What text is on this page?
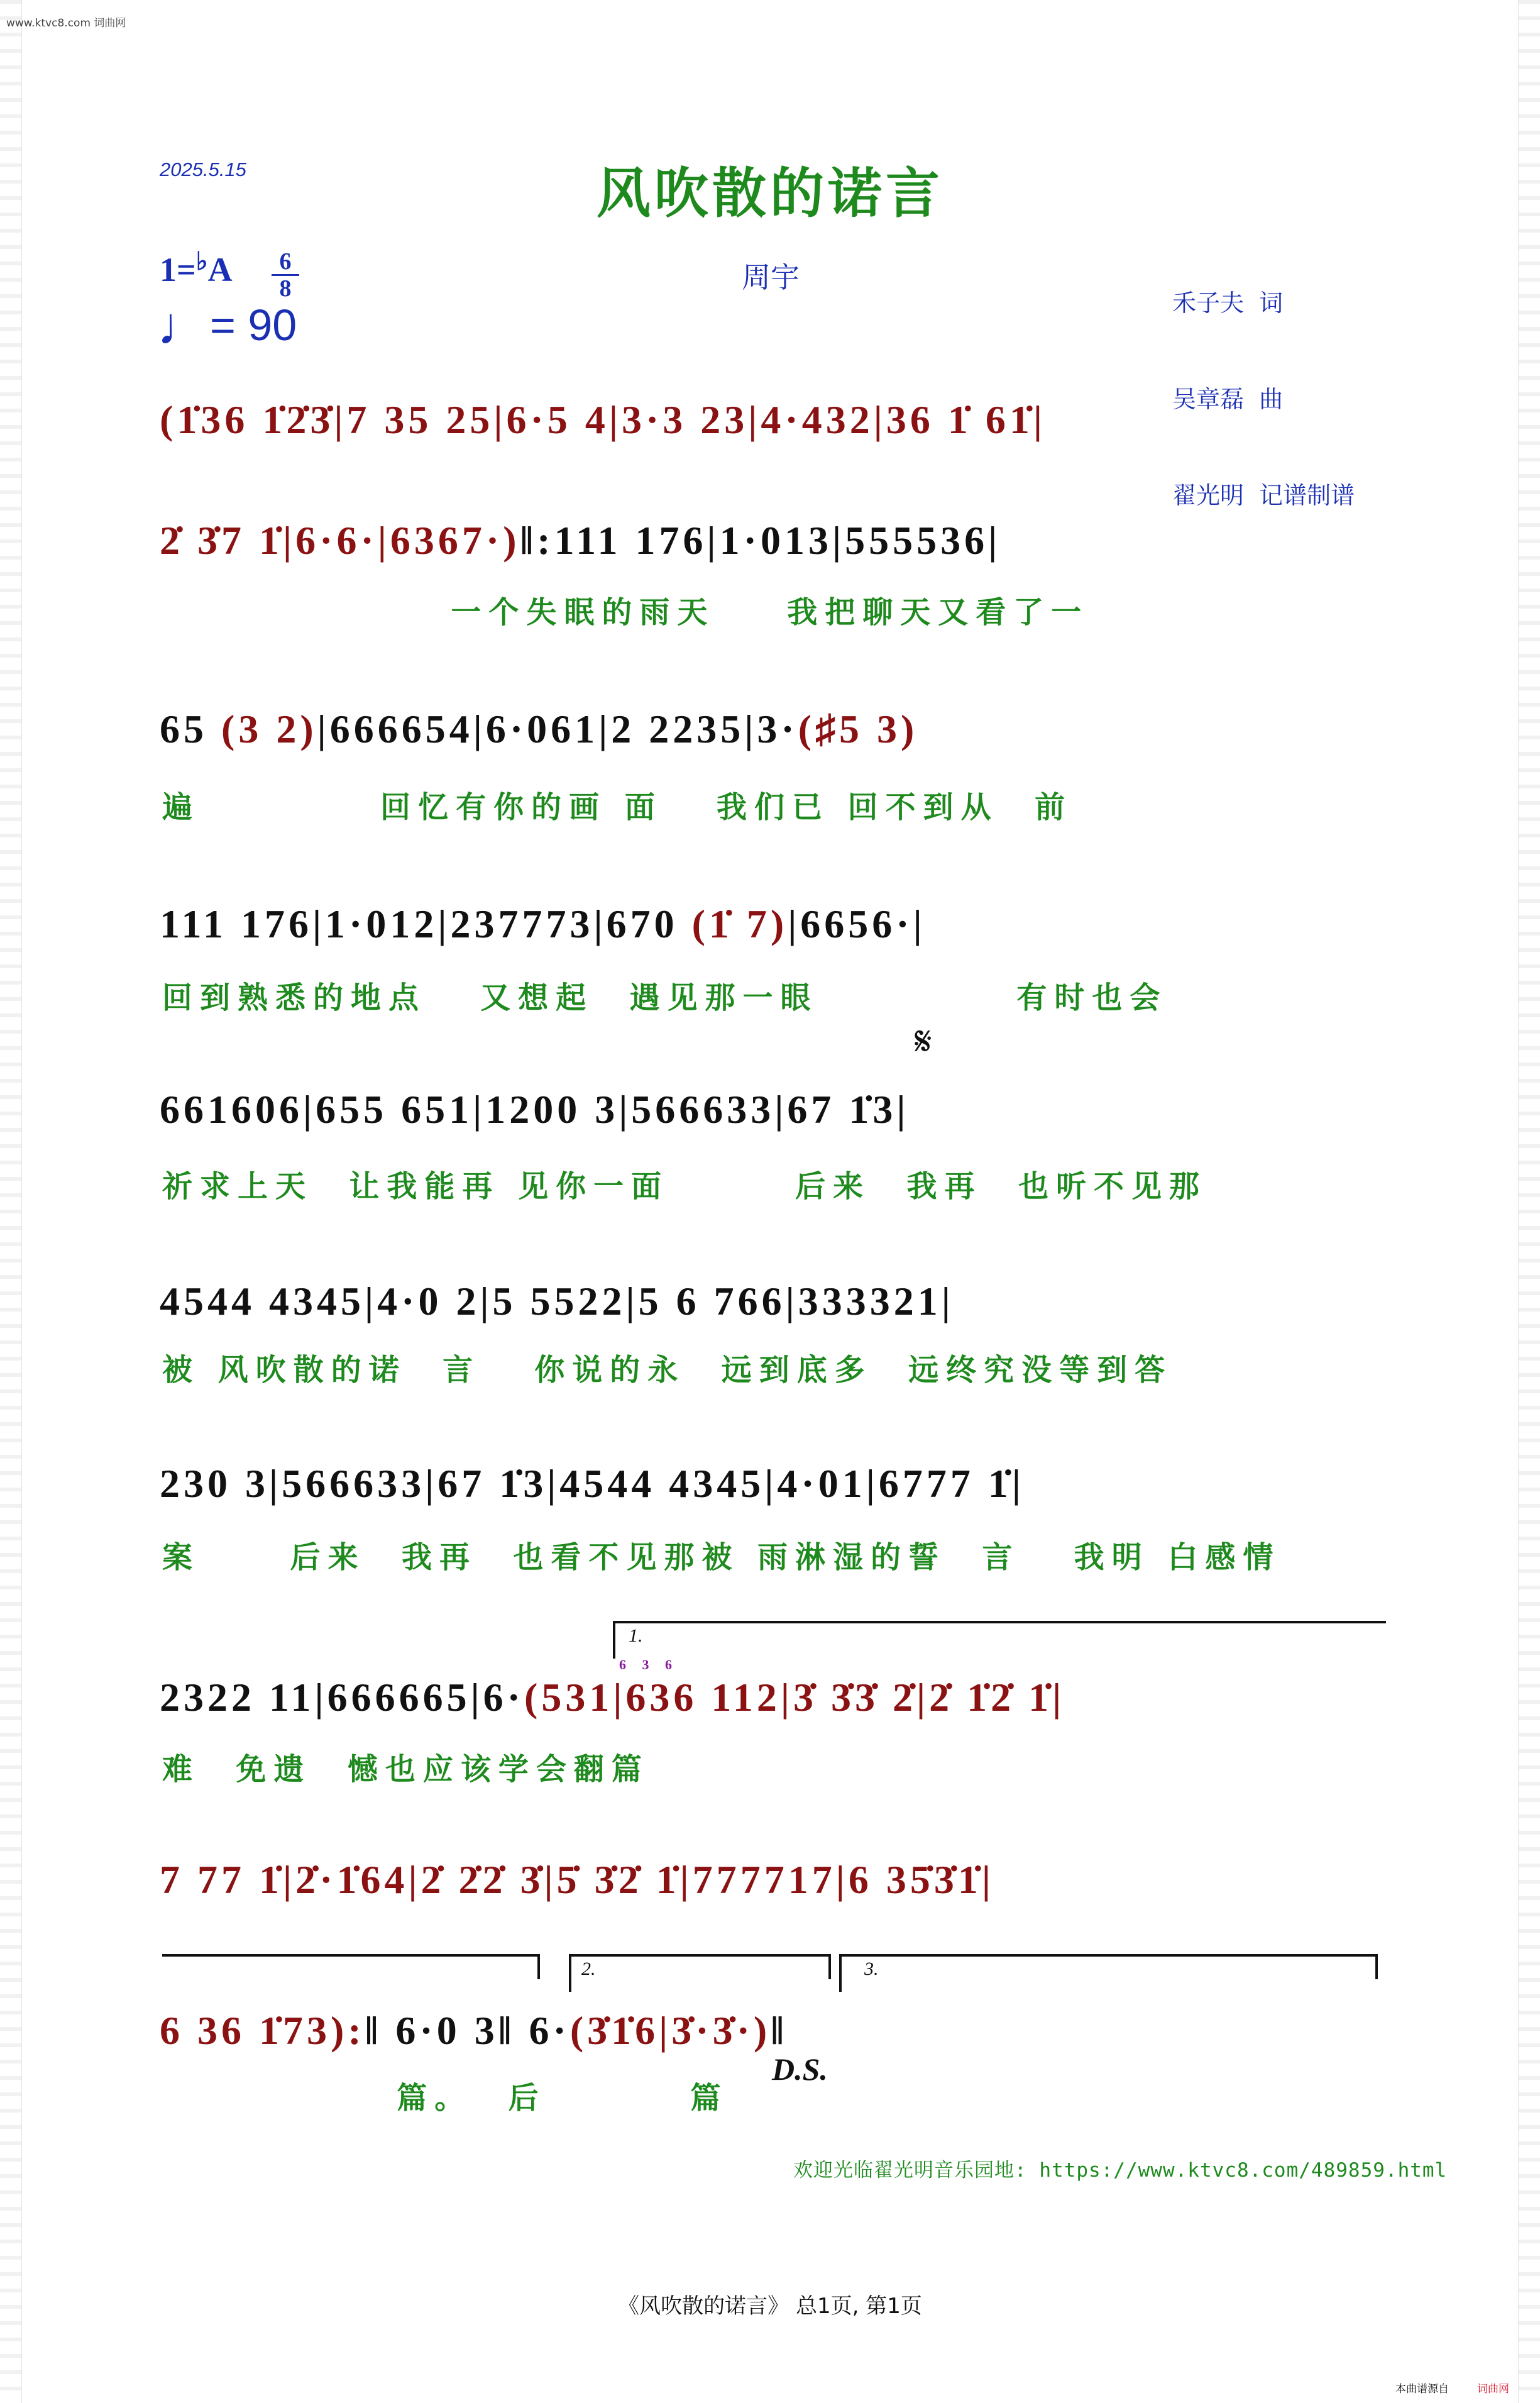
www.ktvc8.com 词曲网
2025.5.15	风吹散的诺言
周宇

禾子夫  词

吴章磊  曲

翟光明  记谱制谱

1=♭A	6
8
♩= 90
(1̇36 1̇2̇3̇|7 35 25|6·5 4|3·3 23|4·432|36 1̇ 61̇|
2̇ 3̇7 1̇|6·6·|6367·)‖:111 176|1·013|555536|
一个失眠的雨天    我把聊天又看了一
65 (3 2)|666654|6·061|2 2235|3·(♯5 3)
遍          回忆有你的画 面   我们已 回不到从  前
111 176|1·012|237773|670 (1̇ 7)|6656·|
回到熟悉的地点   又想起  遇见那一眼           有时也会
𝄋
661606|655 651|1200 3|566633|67 1̇3|
祈求上天  让我能再 见你一面       后来  我再  也听不见那
4544 4345|4·0 2|5 5522|5 6 766|333321|
被 风吹散的诺  言   你说的永  远到底多  远终究没等到答
230 3|566633|67 1̇3|4544 4345|4·01|6777 1̇|
案     后来  我再  也看不见那被 雨淋湿的誓  言   我明 白感情
1.
6 3 6
2322 11|666665|6·(531|636 112|3̇ 3̇3̇ 2̇|2̇ 1̇2̇ 1̇|
难  免遗  憾也应该学会翻篇
7 77 1̇|2̇·1̇64|2̇ 2̇2̇ 3̇|5̇ 3̇2̇ 1̇|777717|6 35̇3̇1̇|
2.	3.
6 36 1̇73):‖ 6·0 3‖ 6·(3̇1̇6|3̇·3̇·)‖
D.S.
篇。  后        篇
欢迎光临翟光明音乐园地: https://www.ktvc8.com/489859.html
《风吹散的诺言》 总1页, 第1页
本曲谱源自	词曲网
